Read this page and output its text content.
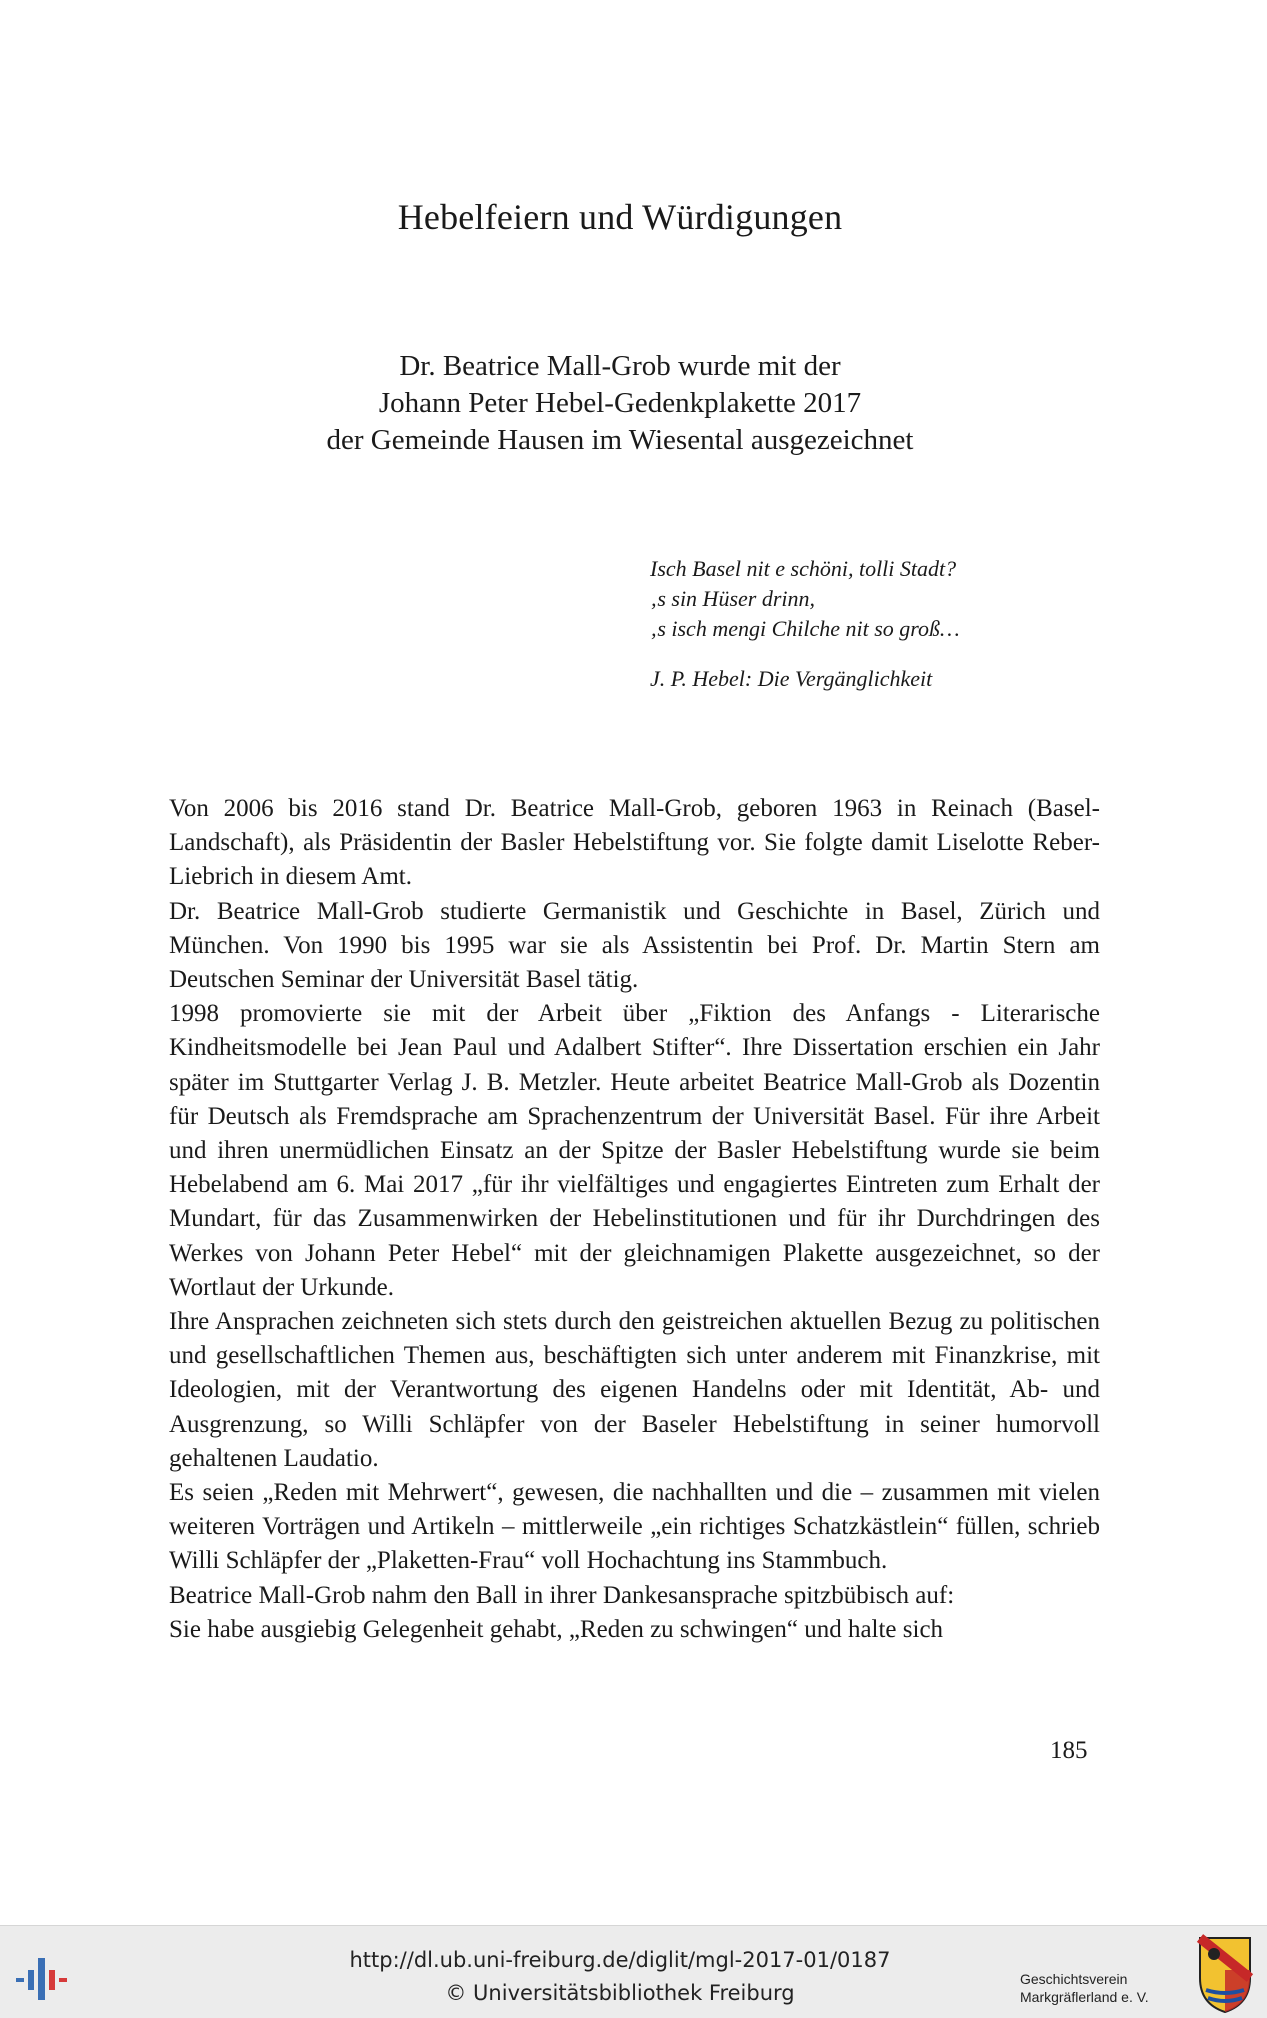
Hebelfeiern und Würdigungen
Dr. Beatrice Mall-Grob wurde mit der
Johann Peter Hebel-Gedenkplakette 2017
der Gemeinde Hausen im Wiesental ausgezeichnet
Isch Basel nit e schöni, tolli Stadt?
‚s sin Hüser drinn,
‚s isch mengi Chilche nit so groß…
J. P. Hebel: Die Vergänglichkeit

Von 2006 bis 2016 stand Dr. Beatrice Mall-Grob, geboren 1963 in Reinach (Basel-Landschaft), als Präsidentin der Basler Hebelstiftung vor. Sie folgte damit Liselotte Reber-Liebrich in diesem Amt.

Dr. Beatrice Mall-Grob studierte Germanistik und Geschichte in Basel, Zürich und München. Von 1990 bis 1995 war sie als Assistentin bei Prof. Dr. Martin Stern am Deutschen Seminar der Universität Basel tätig.

1998 promovierte sie mit der Arbeit über „Fiktion des Anfangs - Literarische Kindheitsmodelle bei Jean Paul und Adalbert Stifter“. Ihre Dissertation erschien ein Jahr später im Stuttgarter Verlag J. B. Metzler. Heute arbeitet Beatrice Mall-Grob als Dozentin für Deutsch als Fremdsprache am Sprachenzentrum der Universität Basel. Für ihre Arbeit und ihren unermüdlichen Einsatz an der Spitze der Basler Hebelstiftung wurde sie beim Hebelabend am 6. Mai 2017 „für ihr vielfältiges und engagiertes Eintreten zum Erhalt der Mundart, für das Zusammenwirken der Hebelinstitutionen und für ihr Durchdringen des Werkes von Johann Peter Hebel“ mit der gleichnamigen Plakette ausgezeichnet, so der Wortlaut der Urkunde.

Ihre Ansprachen zeichneten sich stets durch den geistreichen aktuellen Bezug zu politischen und gesellschaftlichen Themen aus, beschäftigten sich unter anderem mit Finanzkrise, mit Ideologien, mit der Verantwortung des eigenen Handelns oder mit Identität, Ab- und Ausgrenzung, so Willi Schläpfer von der Baseler Hebelstiftung in seiner humorvoll gehaltenen Laudatio.

Es seien „Reden mit Mehrwert“, gewesen, die nachhallten und die – zusammen mit vielen weiteren Vorträgen und Artikeln – mittlerweile „ein richtiges Schatzkästlein“ füllen, schrieb Willi Schläpfer der „Plaketten-Frau“ voll Hochachtung ins Stammbuch.

Beatrice Mall-Grob nahm den Ball in ihrer Dankesansprache spitzbübisch auf:

Sie habe ausgiebig Gelegenheit gehabt, „Reden zu schwingen“ und halte sich

185
http://dl.ub.uni-freiburg.de/diglit/mgl-2017-01/0187
© Universitätsbibliothek Freiburg
Geschichtsverein
Markgräflerland e. V.
